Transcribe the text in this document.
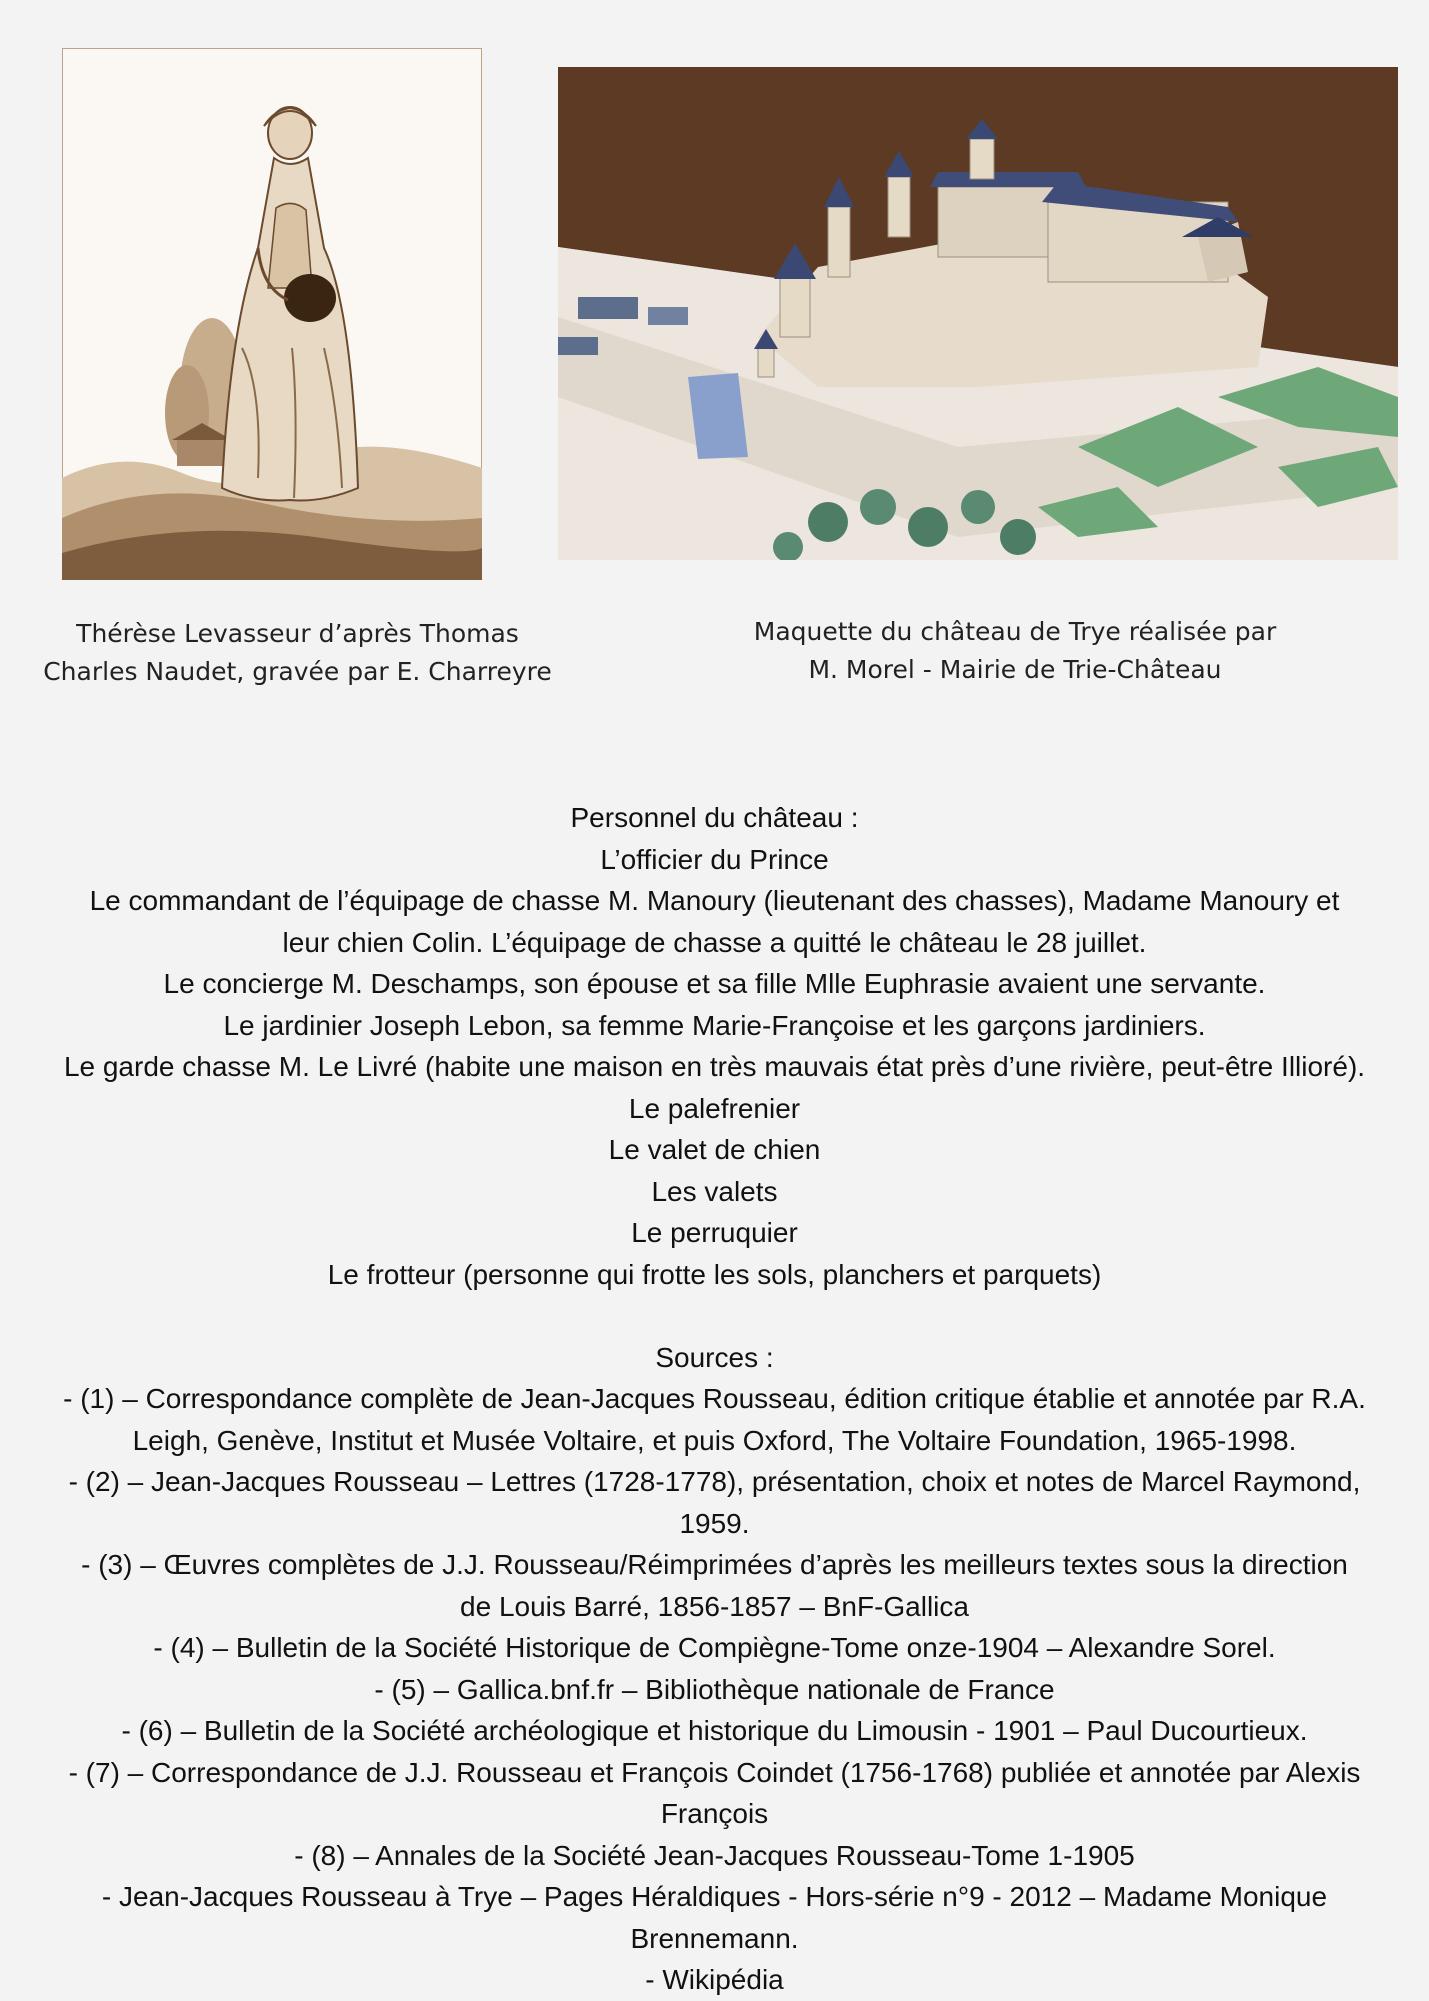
Thérèse Levasseur d’après Thomas
Charles Naudet, gravée par E. Charreyre
Maquette du château de Trye réalisée par
M. Morel - Mairie de Trie-Château

Personnel du château :

L’officier du Prince

Le commandant de l’équipage de chasse M. Manoury (lieutenant des chasses), Madame Manoury et

leur chien Colin. L’équipage de chasse a quitté le château le 28 juillet.

Le concierge M. Deschamps, son épouse et sa fille Mlle Euphrasie avaient une servante.

Le jardinier Joseph Lebon, sa femme Marie-Françoise et les garçons jardiniers.

Le garde chasse M. Le Livré (habite une maison en très mauvais état près d’une rivière, peut-être Illioré).

Le palefrenier

Le valet de chien

Les valets

Le perruquier

Le frotteur (personne qui frotte les sols, planchers et parquets)

Sources :

- (1) – Correspondance complète de Jean-Jacques Rousseau, édition critique établie et annotée par R.A.

Leigh, Genève, Institut et Musée Voltaire, et puis Oxford, The Voltaire Foundation, 1965-1998.

- (2) – Jean-Jacques Rousseau – Lettres (1728-1778), présentation, choix et notes de Marcel Raymond,

1959.

- (3) – Œuvres complètes de J.J. Rousseau/Réimprimées d’après les meilleurs textes sous la direction

de Louis Barré, 1856-1857 – BnF-Gallica

- (4) – Bulletin de la Société Historique de Compiègne-Tome onze-1904 – Alexandre Sorel.

- (5) – Gallica.bnf.fr – Bibliothèque nationale de France

- (6) – Bulletin de la Société archéologique et historique du Limousin - 1901 – Paul Ducourtieux.

- (7) – Correspondance de J.J. Rousseau et François Coindet (1756-1768) publiée et annotée par Alexis

François

- (8) – Annales de la Société Jean-Jacques Rousseau-Tome 1-1905

- Jean-Jacques Rousseau à Trye – Pages Héraldiques - Hors-série n°9 - 2012 – Madame Monique

Brennemann.

- Wikipédia
